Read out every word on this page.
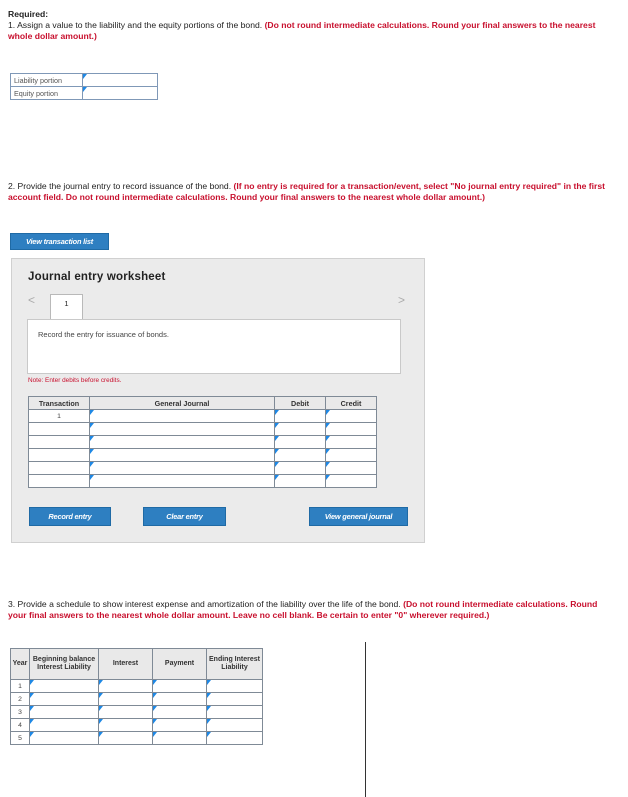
Required:
1. Assign a value to the liability and the equity portions of the bond. (Do not round intermediate calculations. Round your final answers to the nearest whole dollar amount.)
Liability portion	
Equity portion	
2. Provide the journal entry to record issuance of the bond. (If no entry is required for a transaction/event, select "No journal entry required" in the first account field. Do not round intermediate calculations. Round your final answers to the nearest whole dollar amount.)
View transaction list
Journal entry worksheet
<	1	>
Record the entry for issuance of bonds.
Note: Enter debits before credits.
Transaction	General Journal	Debit	Credit
1			

Record entry	Clear entry	View general journal
3. Provide a schedule to show interest expense and amortization of the liability over the life of the bond. (Do not round intermediate calculations. Round your final answers to the nearest whole dollar amount. Leave no cell blank. Be certain to enter "0" wherever required.)
Year	Beginning balance Interest Liability	Interest	Payment	Ending Interest Liability
1				
2				
3				
4				
5				
